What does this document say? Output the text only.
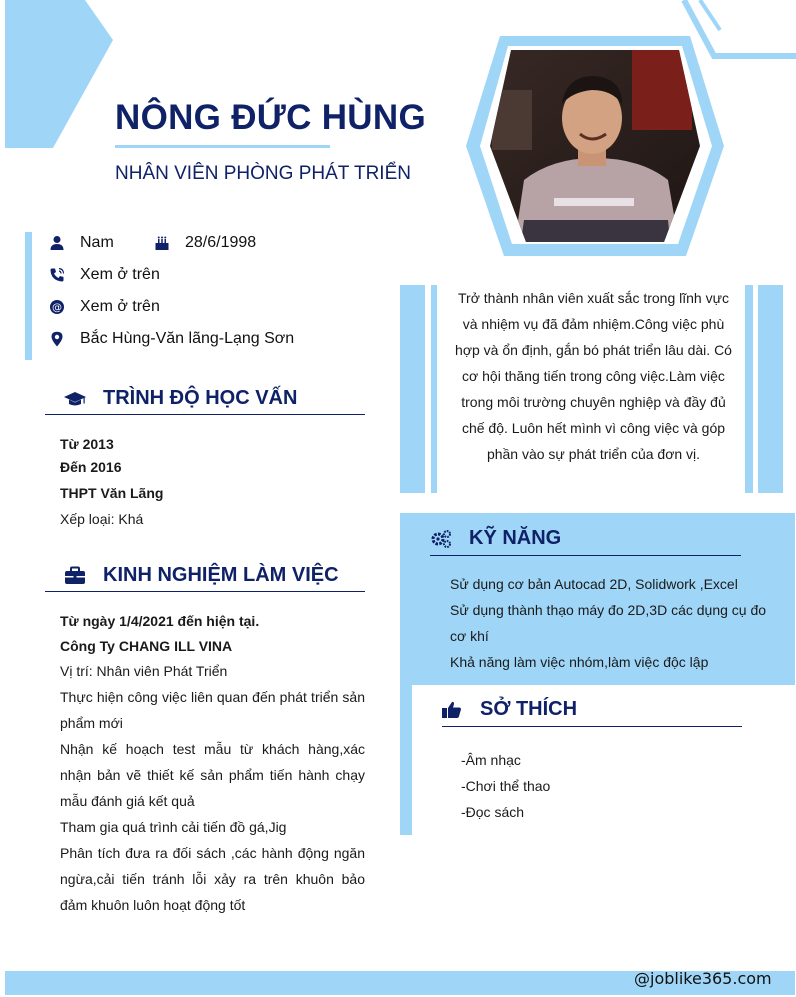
NÔNG ĐỨC HÙNG
NHÂN VIÊN PHÒNG PHÁT TRIỂN
Nam	28/6/1998
Xem ở trên
@ Xem ở trên
Bắc Hùng-Văn lãng-Lạng Sơn
TRÌNH ĐỘ HỌC VẤN
Từ 2013
Đến 2016
THPT Văn Lãng
Xếp loại: Khá
KINH NGHIỆM LÀM VIỆC
Từ ngày 1/4/2021 đến hiện tại.
Công Ty CHANG ILL VINA
Vị trí: Nhân viên Phát Triển
Thực hiện công việc liên quan đến phát triển sản phẩm mới
Nhận kế hoạch test mẫu từ khách hàng,xác nhận bản vẽ thiết kế sản phẩm tiến hành chạy mẫu đánh giá kết quả
Tham gia quá trình cải tiến đồ gá,Jig
Phân tích đưa ra đối sách ,các hành động ngăn ngừa,cải tiến tránh lỗi xảy ra trên khuôn bảo đảm khuôn luôn hoạt động tốt
Trở thành nhân viên xuất sắc trong lĩnh vực và nhiệm vụ đã đảm nhiệm.Công việc phù hợp và ổn định, gắn bó phát triển lâu dài. Có cơ hội thăng tiến trong công việc.Làm việc trong môi trường chuyên nghiệp và đầy đủ chế độ. Luôn hết mình vì công việc và góp phần vào sự phát triển của đơn vị.
KỸ NĂNG
Sử dụng cơ bản Autocad 2D, Solidwork ,Excel
Sử dụng thành thạo máy đo 2D,3D các dụng cụ đo cơ khí
Khả năng làm việc nhóm,làm việc độc lập
SỞ THÍCH
-Âm nhạc
-Chơi thể thao
-Đọc sách
@joblike365.com
